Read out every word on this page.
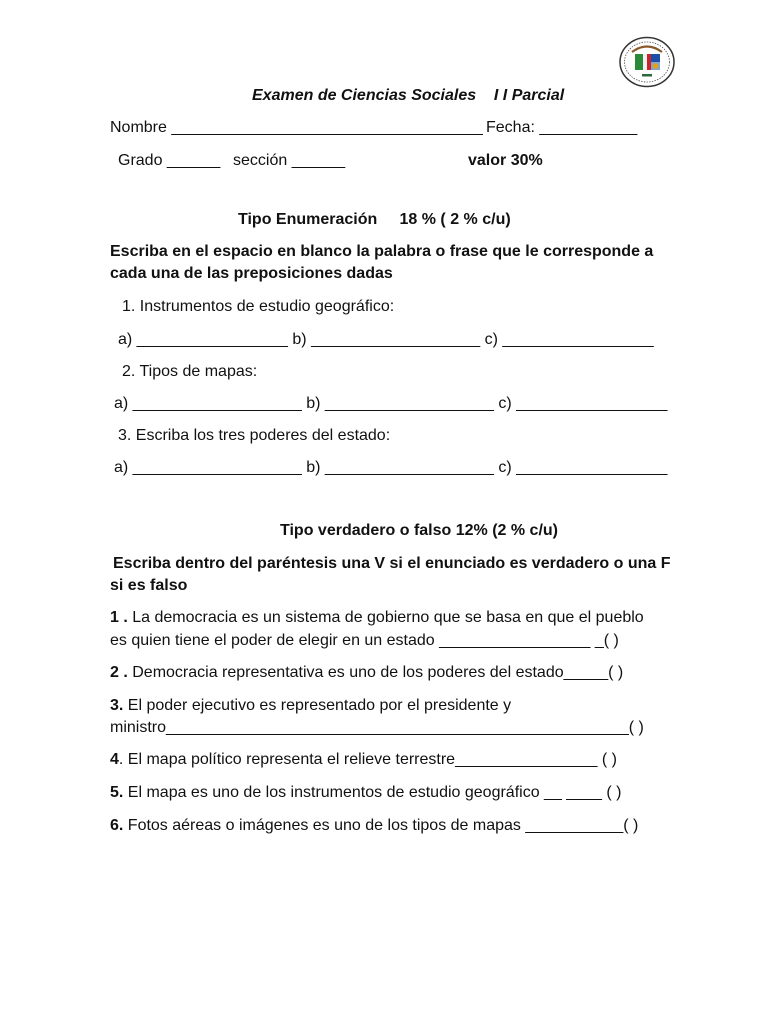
Examen de Ciencias Sociales I I Parcial
Nombre ___________________________________ Fecha: ___________
Grado ______ sección ______	valor 30%
Tipo Enumeración 18 % ( 2 % c/u)
Escriba en el espacio en blanco la palabra o frase que le corresponde a
cada una de las preposiciones dadas
1. Instrumentos de estudio geográfico:
a) _________________ b) ___________________ c) _________________
2. Tipos de mapas:
a) ___________________ b) ___________________ c) _________________
3. Escriba los tres poderes del estado:
a) ___________________ b) ___________________ c) _________________
Tipo verdadero o falso 12% (2 % c/u)
Escriba dentro del paréntesis una V si el enunciado es verdadero o una F
si es falso
1 . La democracia es un sistema de gobierno que se basa en que el pueblo
es quien tiene el poder de elegir en un estado _________________ _( )
2 . Democracia representativa es uno de los poderes del estado_____( )
3. El poder ejecutivo es representado por el presidente y
ministro____________________________________________________( )
4. El mapa político representa el relieve terrestre________________ ( )
5. El mapa es uno de los instrumentos de estudio geográfico __ ____ ( )
6. Fotos aéreas o imágenes es uno de los tipos de mapas ___________( )
